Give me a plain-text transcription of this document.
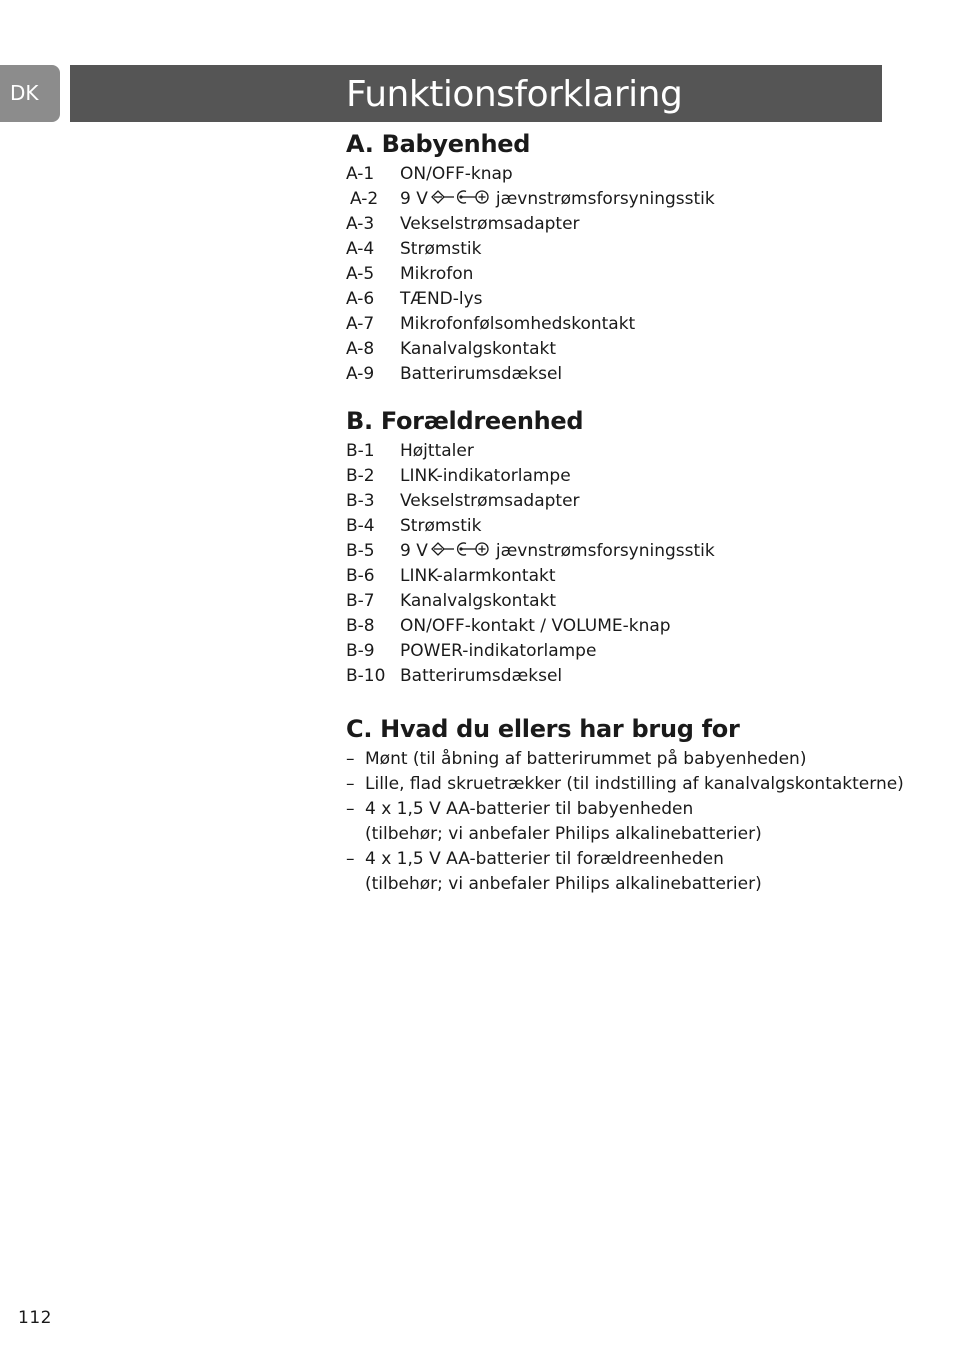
DK	Funktionsforklaring
A. Babyenhed
A-1 ON/OFF-knap
A-2 9 V	jævnstrømsforsyningsstik
A-3 Vekselstrømsadapter
A-4 Strømstik
A-5 Mikrofon
A-6 TÆND-lys
A-7 Mikrofonfølsomhedskontakt
A-8 Kanalvalgskontakt
A-9 Batterirumsdæksel
B. Forældreenhed
B-1 Højttaler
B-2 LINK-indikatorlampe
B-3 Vekselstrømsadapter
B-4 Strømstik
B-5 9 V	jævnstrømsforsyningsstik
B-6 LINK-alarmkontakt
B-7 Kanalvalgskontakt
B-8 ON/OFF-kontakt / VOLUME-knap
B-9 POWER-indikatorlampe
B-10 Batterirumsdæksel
C. Hvad du ellers har brug for
– Mønt (til åbning af batterirummet på babyenheden)
– Lille, flad skruetrækker (til indstilling af kanalvalgskontakterne)
– 4 x 1,5 V AA-batterier til babyenheden
(tilbehør; vi anbefaler Philips alkalinebatterier)
– 4 x 1,5 V AA-batterier til forældreenheden
(tilbehør; vi anbefaler Philips alkalinebatterier)
112
